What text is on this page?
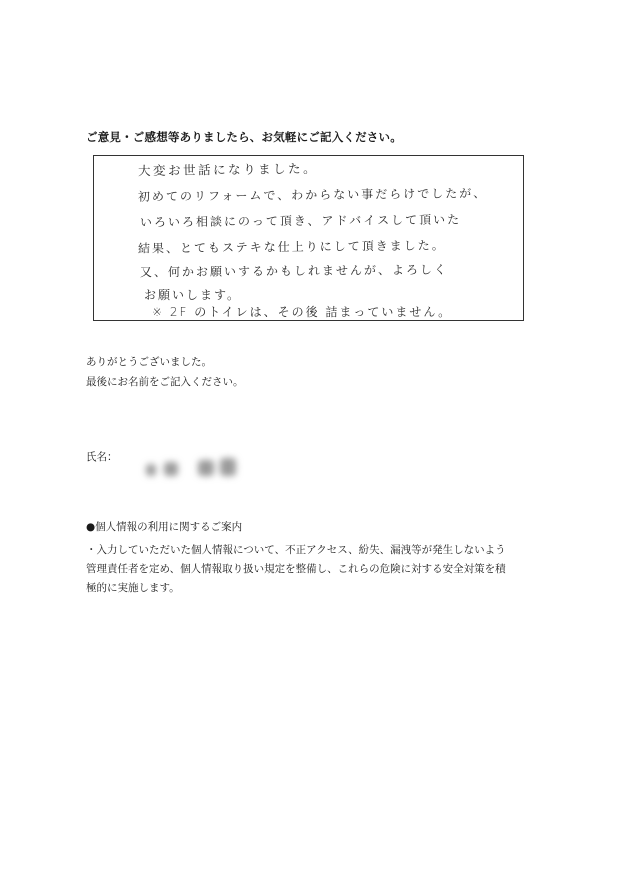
ご意見・ご感想等ありましたら、お気軽にご記入ください。
大変お世話になりました。
初めてのリフォームで、わからない事だらけでしたが、
いろいろ相談にのって頂き、アドバイスして頂いた
結果、とてもステキな仕上りにして頂きました。
又、何かお願いするかもしれませんが、よろしく
お願いします。
※ 2F のトイレは、その後 詰まっていません。
ありがとうございました。
最後にお名前をご記入ください。
氏名：
●個人情報の利用に関するご案内

・入力していただいた個人情報について、不正アクセス、紛失、漏洩等が発生しないよう

管理責任者を定め、個人情報取り扱い規定を整備し、これらの危険に対する安全対策を積

極的に実施します。
